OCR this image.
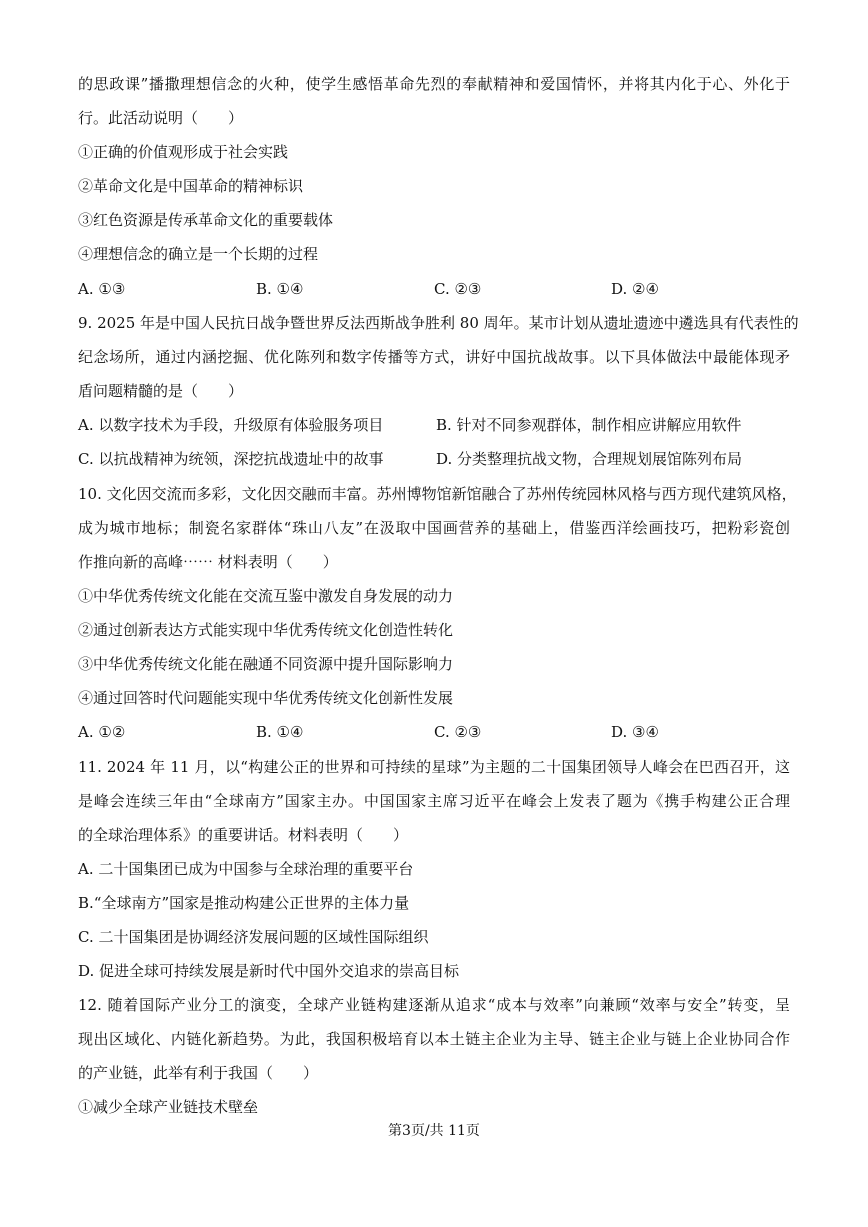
的思政课”播撒理想信念的火种，使学生感悟革命先烈的奉献精神和爱国情怀，并将其内化于心、外化于
行。此活动说明（　　）
①正确的价值观形成于社会实践
②革命文化是中国革命的精神标识
③红色资源是传承革命文化的重要载体
④理想信念的确立是一个长期的过程
A. ①③	B. ①④	C. ②③	D. ②④
9. 2025 年是中国人民抗日战争暨世界反法西斯战争胜利 80 周年。某市计划从遗址遗迹中遴选具有代表性的
纪念场所，通过内涵挖掘、优化陈列和数字传播等方式，讲好中国抗战故事。以下具体做法中最能体现矛
盾问题精髓的是（　　）
A. 以数字技术为手段，升级原有体验服务项目	B. 针对不同参观群体，制作相应讲解应用软件
C. 以抗战精神为统领，深挖抗战遗址中的故事	D. 分类整理抗战文物，合理规划展馆陈列布局
10. 文化因交流而多彩，文化因交融而丰富。苏州博物馆新馆融合了苏州传统园林风格与西方现代建筑风格，
成为城市地标；制瓷名家群体“珠山八友”在汲取中国画营养的基础上，借鉴西洋绘画技巧，把粉彩瓷创
作推向新的高峰⋯⋯ 材料表明（　　）
①中华优秀传统文化能在交流互鉴中激发自身发展的动力
②通过创新表达方式能实现中华优秀传统文化创造性转化
③中华优秀传统文化能在融通不同资源中提升国际影响力
④通过回答时代问题能实现中华优秀传统文化创新性发展
A. ①②	B. ①④	C. ②③	D. ③④
11. 2024 年 11 月，以“构建公正的世界和可持续的星球”为主题的二十国集团领导人峰会在巴西召开，这
是峰会连续三年由“全球南方”国家主办。中国国家主席习近平在峰会上发表了题为《携手构建公正合理
的全球治理体系》的重要讲话。材料表明（　　）
A. 二十国集团已成为中国参与全球治理的重要平台
B.“全球南方”国家是推动构建公正世界的主体力量
C. 二十国集团是协调经济发展问题的区域性国际组织
D. 促进全球可持续发展是新时代中国外交追求的崇高目标
12. 随着国际产业分工的演变，全球产业链构建逐渐从追求“成本与效率”向兼顾“效率与安全”转变，呈
现出区域化、内链化新趋势。为此，我国积极培育以本土链主企业为主导、链主企业与链上企业协同合作
的产业链，此举有利于我国（　　）
①减少全球产业链技术壁垒
第3页/共 11页
